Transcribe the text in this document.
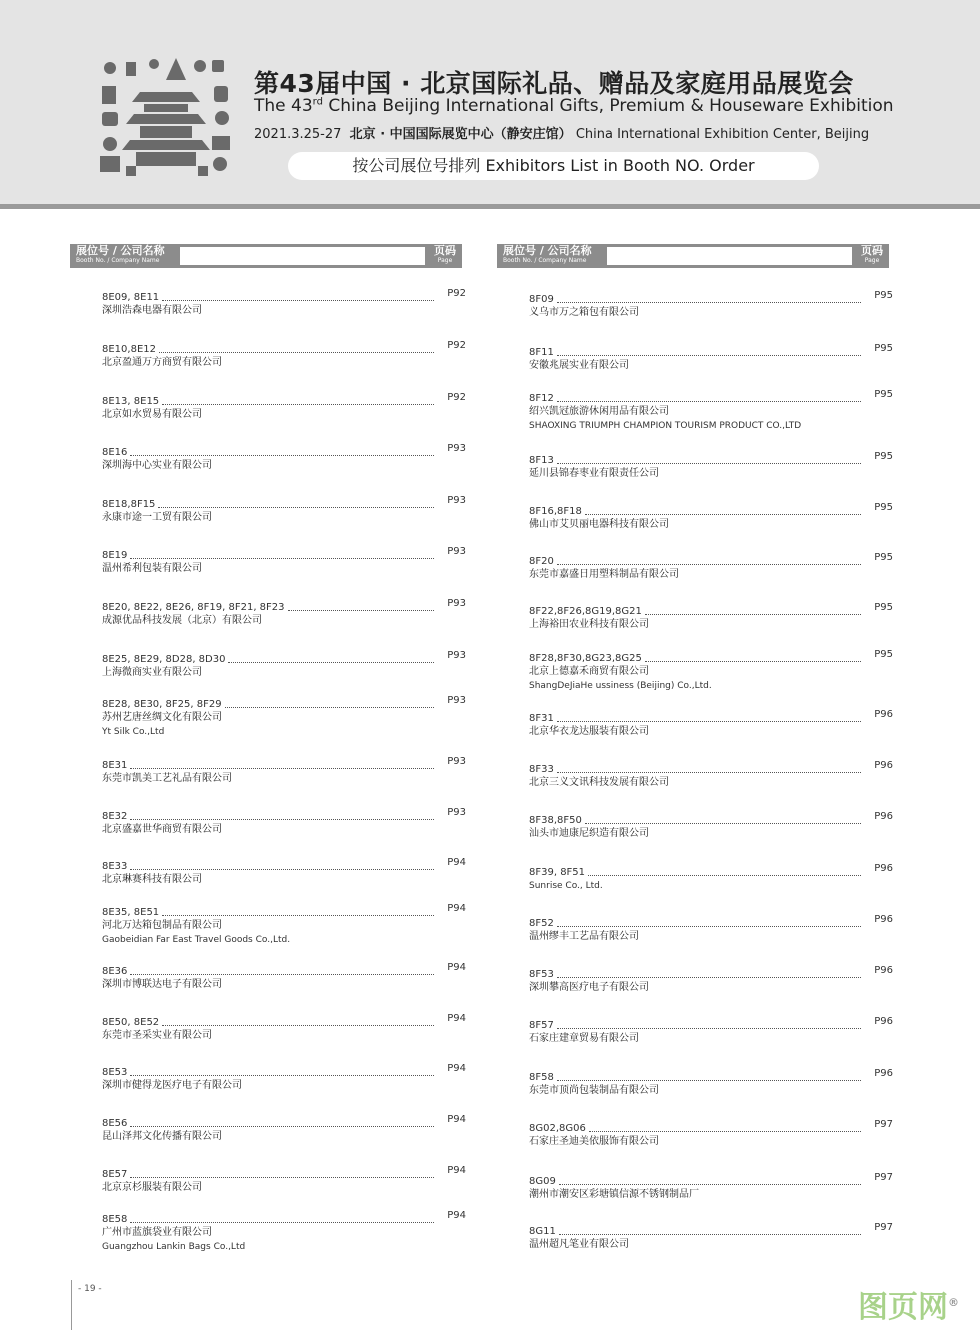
第43届中国 · 北京国际礼品、赠品及家庭用品展览会
The 43rd China Beijing International Gifts, Premium & Houseware Exhibition
2021.3.25-27 北京 · 中国国际展览中心（静安庄馆） China International Exhibition Center, Beijing
按公司展位号排列 Exhibitors List in Booth NO. Order
展位号 / 公司名称
Booth No. / Company Name
页码
Page
8E09, 8E11	P92
深圳浩森电器有限公司
8E10,8E12	P92
北京盈通万方商贸有限公司
8E13, 8E15	P92
北京如水贸易有限公司
8E16	P93
深圳海中心实业有限公司
8E18,8F15	P93
永康市途一工贸有限公司
8E19	P93
温州希利包装有限公司
8E20, 8E22, 8E26, 8F19, 8F21, 8F23	P93
成源优品科技发展（北京）有限公司
8E25, 8E29, 8D28, 8D30	P93
上海微商实业有限公司
8E28, 8E30, 8F25, 8F29	P93
苏州艺唐丝绸文化有限公司
Yt Silk Co.,Ltd
8E31	P93
东莞市凯美工艺礼品有限公司
8E32	P93
北京盛嘉世华商贸有限公司
8E33	P94
北京琳赛科技有限公司
8E35, 8E51	P94
河北万达箱包制品有限公司
Gaobeidian Far East Travel Goods Co.,Ltd.
8E36	P94
深圳市博联达电子有限公司
8E50, 8E52	P94
东莞市圣采实业有限公司
8E53	P94
深圳市健得龙医疗电子有限公司
8E56	P94
昆山泽邦文化传播有限公司
8E57	P94
北京京杉服装有限公司
8E58	P94
广州市蓝旗袋业有限公司
Guangzhou Lankin Bags Co.,Ltd
展位号 / 公司名称
Booth No. / Company Name
页码
Page
8F09	P95
义乌市万之箱包有限公司
8F11	P95
安徽兆展实业有限公司
8F12	P95
绍兴凯冠旅游休闲用品有限公司
SHAOXING TRIUMPH CHAMPION TOURISM PRODUCT CO.,LTD
8F13	P95
延川县锦春枣业有限责任公司
8F16,8F18	P95
佛山市艾贝丽电器科技有限公司
8F20	P95
东莞市嘉盛日用塑料制品有限公司
8F22,8F26,8G19,8G21	P95
上海裕田农业科技有限公司
8F28,8F30,8G23,8G25	P95
北京上德嘉禾商贸有限公司
ShangDeJiaHe ussiness (Beijing) Co.,Ltd.
8F31	P96
北京华衣龙达服装有限公司
8F33	P96
北京三义文讯科技发展有限公司
8F38,8F50	P96
汕头市迪康尼织造有限公司
8F39, 8F51	P96
Sunrise Co., Ltd.
8F52	P96
温州缪丰工艺品有限公司
8F53	P96
深圳攀高医疗电子有限公司
8F57	P96
石家庄建章贸易有限公司
8F58	P96
东莞市顶尚包装制品有限公司
8G02,8G06	P97
石家庄圣迪美依服饰有限公司
8G09	P97
潮州市潮安区彩塘镇信源不锈钢制品厂
8G11	P97
温州超凡笔业有限公司
- 19 -
图页网®
